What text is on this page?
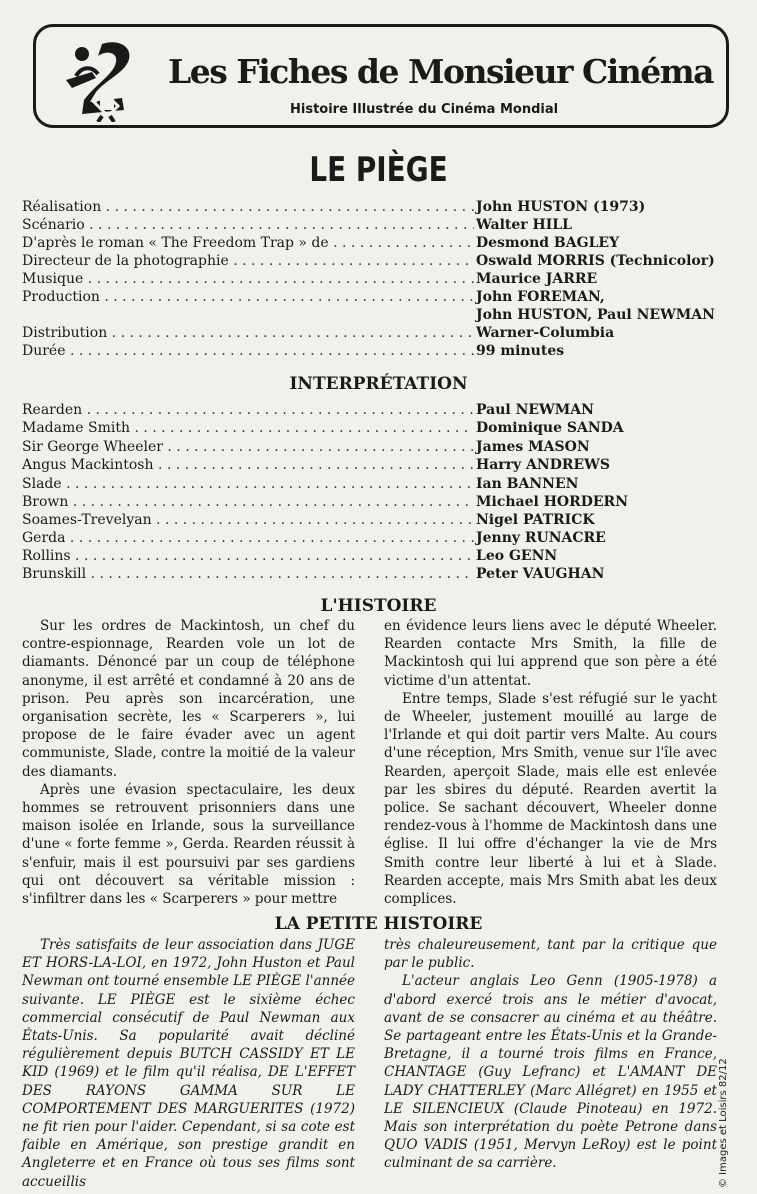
Les Fiches de Monsieur Cinéma
Histoire Illustrée du Cinéma Mondial
LE PIÈGE
Réalisation . . .	John HUSTON (1973)
Scénario . . .	Walter HILL
D'après le roman « The Freedom Trap » de . . .	Desmond BAGLEY
Directeur de la photographie . . .	Oswald MORRIS (Technicolor)
Musique . . .	Maurice JARRE
Production . . .	John FOREMAN,
John HUSTON, Paul NEWMAN
Distribution . . .	Warner-Columbia
Durée . . .	99 minutes
INTERPRÉTATION
Rearden . . .	Paul NEWMAN
Madame Smith . . .	Dominique SANDA
Sir George Wheeler . . .	James MASON
Angus Mackintosh . . .	Harry ANDREWS
Slade . . .	Ian BANNEN
Brown . . .	Michael HORDERN
Soames-Trevelyan . . .	Nigel PATRICK
Gerda . . .	Jenny RUNACRE
Rollins . . .	Leo GENN
Brunskill . . .	Peter VAUGHAN
L'HISTOIRE

Sur les ordres de Mackintosh, un chef du contre-espionnage, Rearden vole un lot de diamants. Dénoncé par un coup de téléphone anonyme, il est arrêté et condamné à 20 ans de prison. Peu après son incarcération, une organisation secrète, les « Scarperers », lui propose de le faire évader avec un agent communiste, Slade, contre la moitié de la valeur des diamants.

Après une évasion spectaculaire, les deux hommes se retrouvent prisonniers dans une maison isolée en Irlande, sous la surveillance d'une « forte femme », Gerda. Rearden réussit à s'enfuir, mais il est poursuivi par ses gardiens qui ont découvert sa véritable mission : s'infiltrer dans les « Scarperers » pour mettre

en évidence leurs liens avec le député Wheeler. Rearden contacte Mrs Smith, la fille de Mackintosh qui lui apprend que son père a été victime d'un attentat.

Entre temps, Slade s'est réfugié sur le yacht de Wheeler, justement mouillé au large de l'Irlande et qui doit partir vers Malte. Au cours d'une réception, Mrs Smith, venue sur l'île avec Rearden, aperçoit Slade, mais elle est enlevée par les sbires du député. Rearden avertit la police. Se sachant découvert, Wheeler donne rendez-vous à l'homme de Mackintosh dans une église. Il lui offre d'échanger la vie de Mrs Smith contre leur liberté à lui et à Slade. Rearden accepte, mais Mrs Smith abat les deux complices.

LA PETITE HISTOIRE

Très satisfaits de leur association dans JUGE ET HORS-LA-LOI, en 1972, John Huston et Paul Newman ont tourné ensemble LE PIÈGE l'année suivante. LE PIÈGE est le sixième échec commercial consécutif de Paul Newman aux États-Unis. Sa popularité avait décliné régulièrement depuis BUTCH CASSIDY ET LE KID (1969) et le film qu'il réalisa, DE L'EFFET DES RAYONS GAMMA SUR LE COMPORTEMENT DES MARGUERITES (1972) ne fit rien pour l'aider. Cependant, si sa cote est faible en Amérique, son prestige grandit en Angleterre et en France où tous ses films sont accueillis

très chaleureusement, tant par la critique que par le public.

L'acteur anglais Leo Genn (1905-1978) a d'abord exercé trois ans le métier d'avocat, avant de se consacrer au cinéma et au théâtre. Se partageant entre les États-Unis et la Grande-Bretagne, il a tourné trois films en France, CHANTAGE (Guy Lefranc) et L'AMANT DE LADY CHATTERLEY (Marc Allégret) en 1955 et LE SILENCIEUX (Claude Pinoteau) en 1972. Mais son interprétation du poète Petrone dans QUO VADIS (1951, Mervyn LeRoy) est le point culminant de sa carrière.	© Images et Loisirs 82/12
